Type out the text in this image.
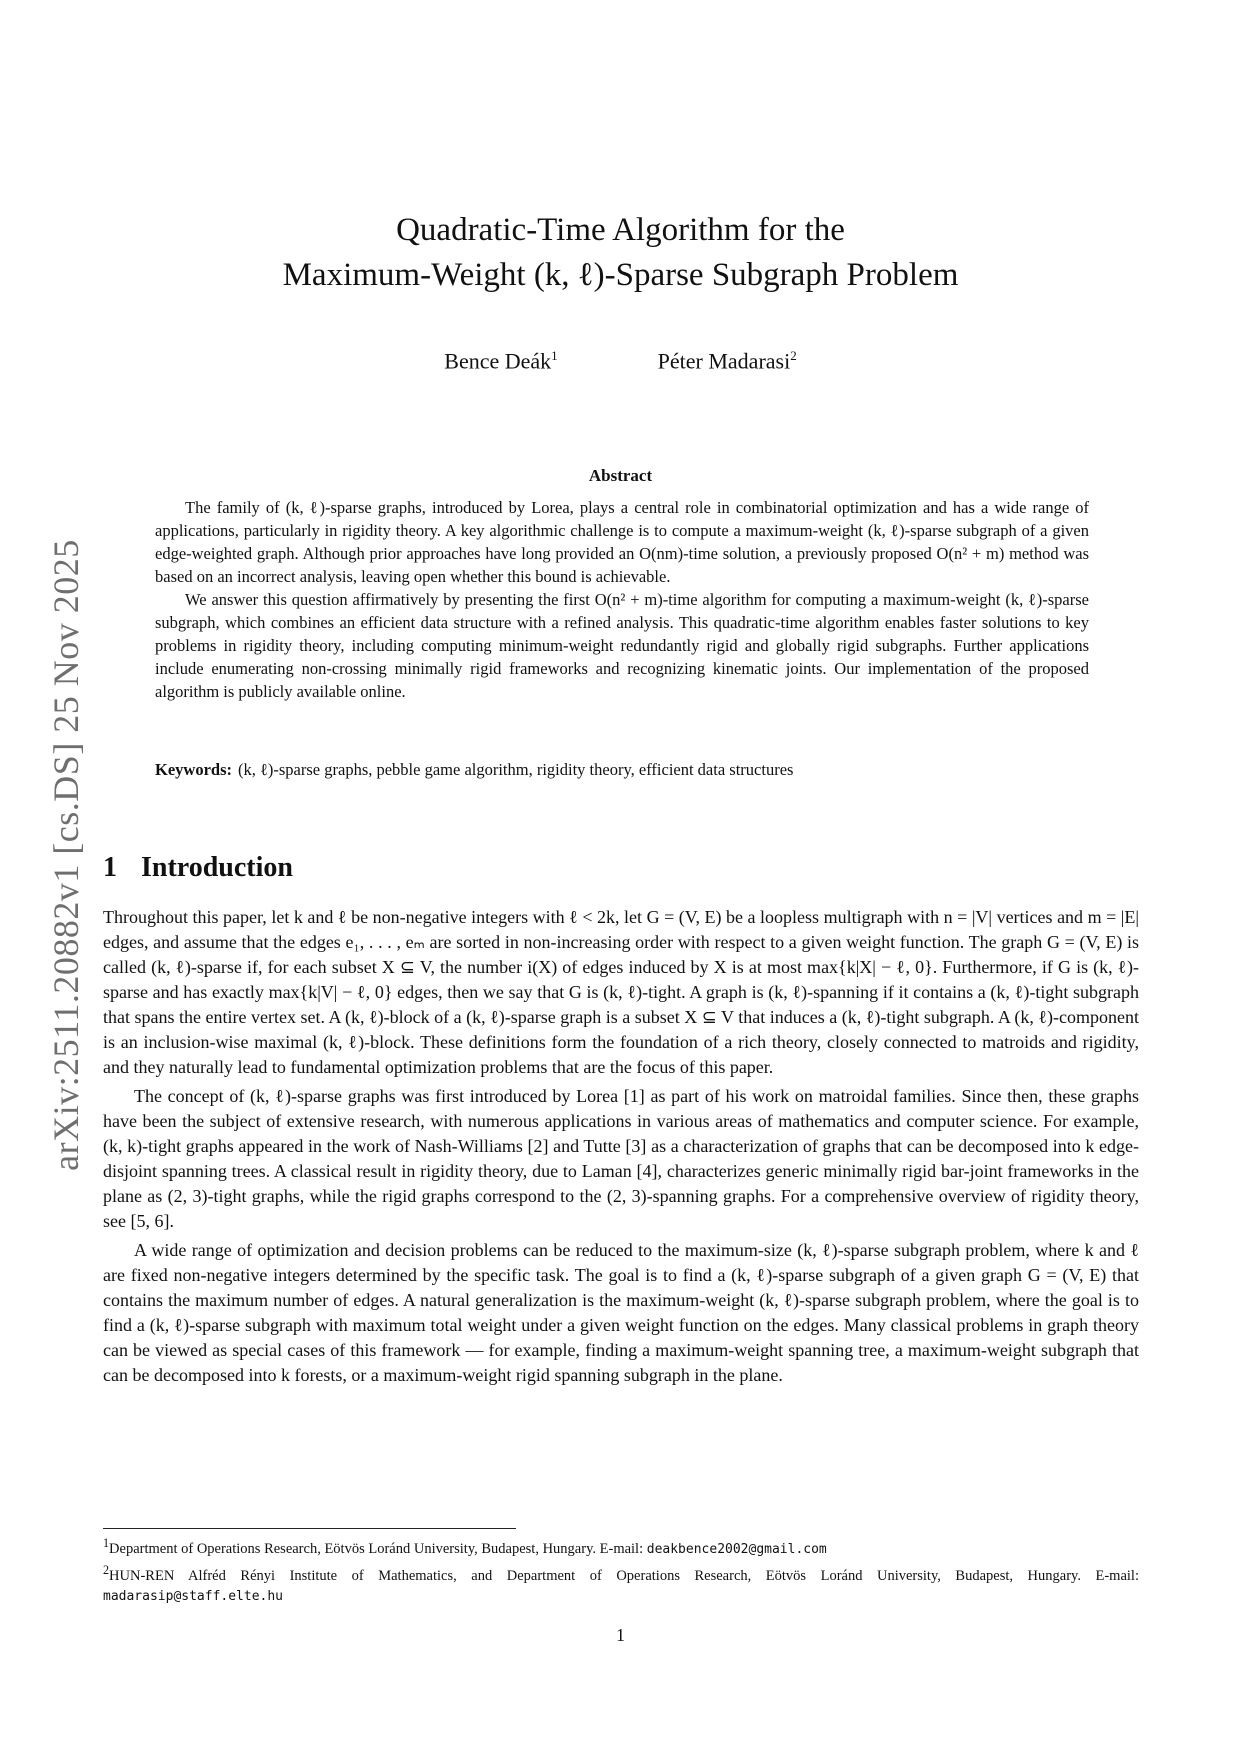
arXiv:2511.20882v1 [cs.DS] 25 Nov 2025
Quadratic-Time Algorithm for the
Maximum-Weight (k, ℓ)-Sparse Subgraph Problem
Bence Deák$^1$	Péter Madarasi$^2$
Abstract

The family of (k, ℓ)-sparse graphs, introduced by Lorea, plays a central role in combinatorial optimization and has a wide range of applications, particularly in rigidity theory. A key algorithmic challenge is to compute a maximum-weight (k, ℓ)-sparse subgraph of a given edge-weighted graph. Although prior approaches have long provided an O(nm)-time solution, a previously proposed O(n² + m) method was based on an incorrect analysis, leaving open whether this bound is achievable.

We answer this question affirmatively by presenting the first O(n² + m)-time algorithm for computing a maximum-weight (k, ℓ)-sparse subgraph, which combines an efficient data structure with a refined analysis. This quadratic-time algorithm enables faster solutions to key problems in rigidity theory, including computing minimum-weight redundantly rigid and globally rigid subgraphs. Further applications include enumerating non-crossing minimally rigid frameworks and recognizing kinematic joints. Our implementation of the proposed algorithm is publicly available online.

Keywords: (k, ℓ)-sparse graphs, pebble game algorithm, rigidity theory, efficient data structures
1 Introduction

Throughout this paper, let k and ℓ be non-negative integers with ℓ < 2k, let G = (V, E) be a loopless multigraph with n = |V| vertices and m = |E| edges, and assume that the edges e₁, . . . , eₘ are sorted in non-increasing order with respect to a given weight function. The graph G = (V, E) is called (k, ℓ)-sparse if, for each subset X ⊆ V, the number i(X) of edges induced by X is at most max{k|X| − ℓ, 0}. Furthermore, if G is (k, ℓ)-sparse and has exactly max{k|V| − ℓ, 0} edges, then we say that G is (k, ℓ)-tight. A graph is (k, ℓ)-spanning if it contains a (k, ℓ)-tight subgraph that spans the entire vertex set. A (k, ℓ)-block of a (k, ℓ)-sparse graph is a subset X ⊆ V that induces a (k, ℓ)-tight subgraph. A (k, ℓ)-component is an inclusion-wise maximal (k, ℓ)-block. These definitions form the foundation of a rich theory, closely connected to matroids and rigidity, and they naturally lead to fundamental optimization problems that are the focus of this paper.

The concept of (k, ℓ)-sparse graphs was first introduced by Lorea [1] as part of his work on matroidal families. Since then, these graphs have been the subject of extensive research, with numerous applications in various areas of mathematics and computer science. For example, (k, k)-tight graphs appeared in the work of Nash-Williams [2] and Tutte [3] as a characterization of graphs that can be decomposed into k edge-disjoint spanning trees. A classical result in rigidity theory, due to Laman [4], characterizes generic minimally rigid bar-joint frameworks in the plane as (2, 3)-tight graphs, while the rigid graphs correspond to the (2, 3)-spanning graphs. For a comprehensive overview of rigidity theory, see [5, 6].

A wide range of optimization and decision problems can be reduced to the maximum-size (k, ℓ)-sparse subgraph problem, where k and ℓ are fixed non-negative integers determined by the specific task. The goal is to find a (k, ℓ)-sparse subgraph of a given graph G = (V, E) that contains the maximum number of edges. A natural generalization is the maximum-weight (k, ℓ)-sparse subgraph problem, where the goal is to find a (k, ℓ)-sparse subgraph with maximum total weight under a given weight function on the edges. Many classical problems in graph theory can be viewed as special cases of this framework — for example, finding a maximum-weight spanning tree, a maximum-weight subgraph that can be decomposed into k forests, or a maximum-weight rigid spanning subgraph in the plane.

$^1$Department of Operations Research, Eötvös Loránd University, Budapest, Hungary. E-mail: deakbence2002@gmail.com

$^2$HUN-REN Alfréd Rényi Institute of Mathematics, and Department of Operations Research, Eötvös Loránd University, Budapest, Hungary. E-mail: madarasip@staff.elte.hu

1
